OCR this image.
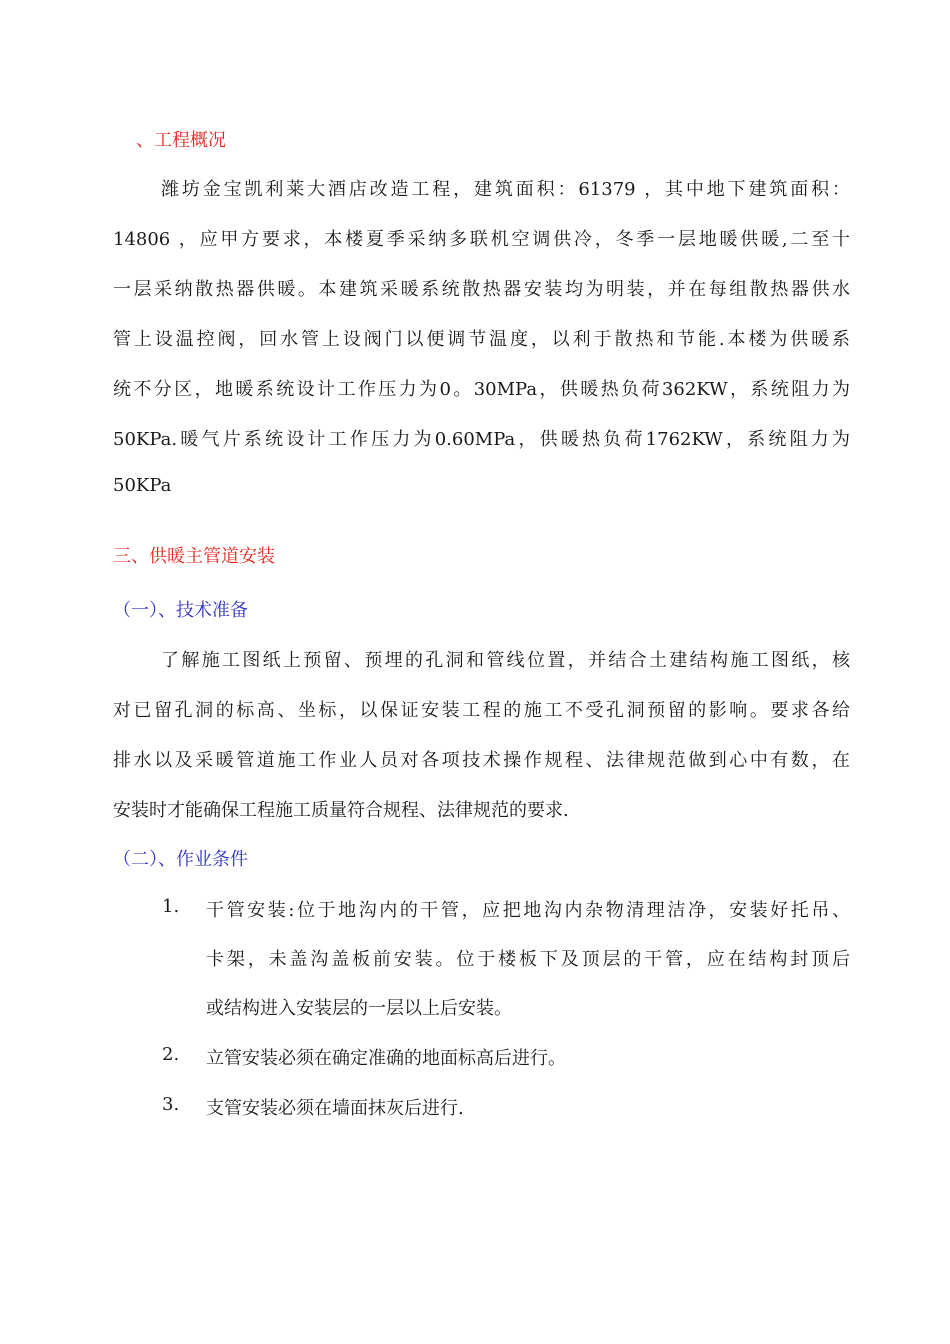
、工程概况
潍坊金宝凯利莱大酒店改造工程，建筑面积：61379 ，其中地下建筑面积：
14806 ，应甲方要求，本楼夏季采纳多联机空调供冷，冬季一层地暖供暖,二至十
一层采纳散热器供暖。本建筑采暖系统散热器安装均为明装，并在每组散热器供水
管上设温控阀，回水管上设阀门以便调节温度，以利于散热和节能.本楼为供暖系
统不分区，地暖系统设计工作压力为0。30MPa，供暖热负荷362KW，系统阻力为
50KPa.暖气片系统设计工作压力为0.60MPa，供暖热负荷1762KW，系统阻力为
50KPa
三、供暖主管道安装
（一）、技术准备
了解施工图纸上预留、预埋的孔洞和管线位置，并结合土建结构施工图纸，核
对已留孔洞的标高、坐标，以保证安装工程的施工不受孔洞预留的影响。要求各给
排水以及采暖管道施工作业人员对各项技术操作规程、法律规范做到心中有数，在
安装时才能确保工程施工质量符合规程、法律规范的要求.
（二）、作业条件
1. 干管安装:位于地沟内的干管，应把地沟内杂物清理洁净，安装好托吊、
卡架，未盖沟盖板前安装。位于楼板下及顶层的干管，应在结构封顶后
或结构进入安装层的一层以上后安装。
2. 立管安装必须在确定准确的地面标高后进行。
3. 支管安装必须在墙面抹灰后进行.
